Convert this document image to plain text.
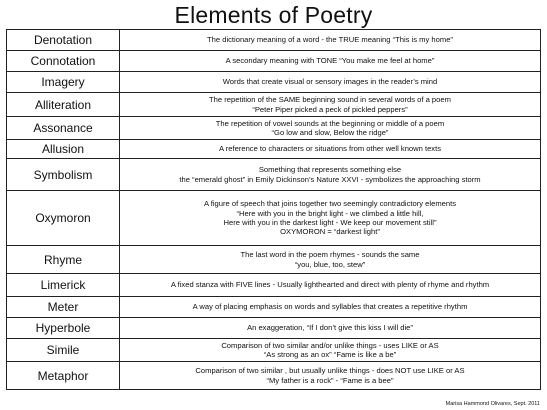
Elements of Poetry
Denotation	The dictionary meaning of a word - the TRUE meaning “This is my home”

Connotation	A secondary meaning with TONE “You make me feel at home”

Imagery	Words that create visual or sensory images in the reader’s mind

Alliteration	The repetition of the SAME beginning sound in several words of a poem
“Peter Piper picked a peck of pickled peppers”

Assonance	The repetition of vowel sounds at the beginning or middle of a poem
“Go low and slow, Below the ridge”

Allusion	A reference to characters or situations from other well known texts

Symbolism	Something that represents something else
the “emerald ghost” in Emily Dickinson’s Nature XXVI - symbolizes the approaching storm

Oxymoron	A figure of speech that joins together two seemingly contradictory elements
“Here with you in the bright light - we climbed a little hill,
Here with you in the darkest light - We keep our movement still”
OXYMORON = “darkest light”

Rhyme	The last word in the poem rhymes - sounds the same
“you, blue, too, stew”

Limerick	A fixed stanza with FIVE lines - Usually lighthearted and direct with plenty of rhyme and rhythm

Meter	A way of placing emphasis on words and syllables that creates a repetitive rhythm

Hyperbole	An exaggeration, “If I don’t give this kiss I will die”

Simile	Comparison of two similar and/or unlike things - uses LIKE or AS
“As strong as an ox” “Fame is like a be”

Metaphor	Comparison of two similar , but usually unlike things - does NOT use LIKE or AS
“My father is a rock” - “Fame is a bee”
Marisa Hammond Olivares, Sept. 2011
